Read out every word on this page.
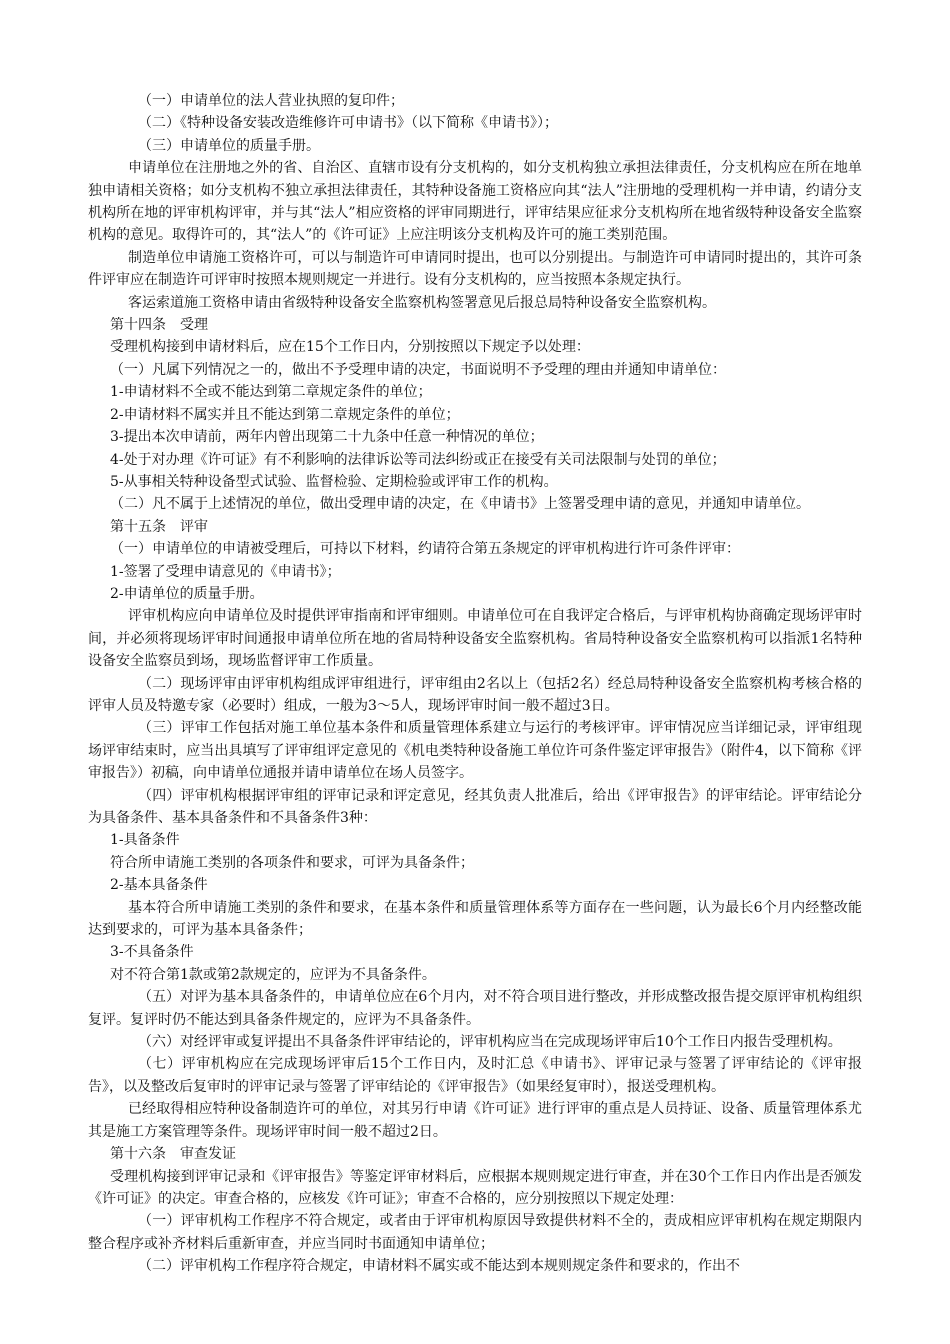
（一）申请单位的法人营业执照的复印件；

（二）《特种设备安装改造维修许可申请书》（以下简称《申请书》）；

（三）申请单位的质量手册。

申请单位在注册地之外的省、自治区、直辖市设有分支机构的，如分支机构独立承担法律责任，分支机构应在所在地单独申请相关资格；如分支机构不独立承担法律责任，其特种设备施工资格应向其“法人”注册地的受理机构一并申请，约请分支机构所在地的评审机构评审，并与其“法人”相应资格的评审同期进行，评审结果应征求分支机构所在地省级特种设备安全监察机构的意见。取得许可的，其“法人”的《许可证》上应注明该分支机构及许可的施工类别范围。

制造单位申请施工资格许可，可以与制造许可申请同时提出，也可以分别提出。与制造许可申请同时提出的，其许可条件评审应在制造许可评审时按照本规则规定一并进行。设有分支机构的，应当按照本条规定执行。

客运索道施工资格申请由省级特种设备安全监察机构签署意见后报总局特种设备安全监察机构。

第十四条　受理

受理机构接到申请材料后，应在15个工作日内，分别按照以下规定予以处理：

（一）凡属下列情况之一的，做出不予受理申请的决定，书面说明不予受理的理由并通知申请单位：

1-申请材料不全或不能达到第二章规定条件的单位；

2-申请材料不属实并且不能达到第二章规定条件的单位；

3-提出本次申请前，两年内曾出现第二十九条中任意一种情况的单位；

4-处于对办理《许可证》有不利影响的法律诉讼等司法纠纷或正在接受有关司法限制与处罚的单位；

5-从事相关特种设备型式试验、监督检验、定期检验或评审工作的机构。

（二）凡不属于上述情况的单位，做出受理申请的决定，在《申请书》上签署受理申请的意见，并通知申请单位。

第十五条　评审

（一）申请单位的申请被受理后，可持以下材料，约请符合第五条规定的评审机构进行许可条件评审：

1-签署了受理申请意见的《申请书》；

2-申请单位的质量手册。

评审机构应向申请单位及时提供评审指南和评审细则。申请单位可在自我评定合格后，与评审机构协商确定现场评审时间，并必须将现场评审时间通报申请单位所在地的省局特种设备安全监察机构。省局特种设备安全监察机构可以指派1名特种设备安全监察员到场，现场监督评审工作质量。

（二）现场评审由评审机构组成评审组进行，评审组由2名以上（包括2名）经总局特种设备安全监察机构考核合格的评审人员及特邀专家（必要时）组成，一般为3～5人，现场评审时间一般不超过3日。

（三）评审工作包括对施工单位基本条件和质量管理体系建立与运行的考核评审。评审情况应当详细记录，评审组现场评审结束时，应当出具填写了评审组评定意见的《机电类特种设备施工单位许可条件鉴定评审报告》（附件4，以下简称《评审报告》）初稿，向申请单位通报并请申请单位在场人员签字。

（四）评审机构根据评审组的评审记录和评定意见，经其负责人批准后，给出《评审报告》的评审结论。评审结论分为具备条件、基本具备条件和不具备条件3种：

1-具备条件

符合所申请施工类别的各项条件和要求，可评为具备条件；

2-基本具备条件

基本符合所申请施工类别的条件和要求，在基本条件和质量管理体系等方面存在一些问题，认为最长6个月内经整改能达到要求的，可评为基本具备条件；

3-不具备条件

对不符合第1款或第2款规定的，应评为不具备条件。

（五）对评为基本具备条件的，申请单位应在6个月内，对不符合项目进行整改，并形成整改报告提交原评审机构组织复评。复评时仍不能达到具备条件规定的，应评为不具备条件。

（六）对经评审或复评提出不具备条件评审结论的，评审机构应当在完成现场评审后10个工作日内报告受理机构。

（七）评审机构应在完成现场评审后15个工作日内，及时汇总《申请书》、评审记录与签署了评审结论的《评审报告》，以及整改后复审时的评审记录与签署了评审结论的《评审报告》（如果经复审时），报送受理机构。

已经取得相应特种设备制造许可的单位，对其另行申请《许可证》进行评审的重点是人员持证、设备、质量管理体系尤其是施工方案管理等条件。现场评审时间一般不超过2日。

第十六条　审查发证

受理机构接到评审记录和《评审报告》等鉴定评审材料后，应根据本规则规定进行审查，并在30个工作日内作出是否颁发《许可证》的决定。审查合格的，应核发《许可证》；审查不合格的，应分别按照以下规定处理：

（一）评审机构工作程序不符合规定，或者由于评审机构原因导致提供材料不全的，责成相应评审机构在规定期限内整合程序或补齐材料后重新审查，并应当同时书面通知申请单位；

（二）评审机构工作程序符合规定，申请材料不属实或不能达到本规则规定条件和要求的，作出不
